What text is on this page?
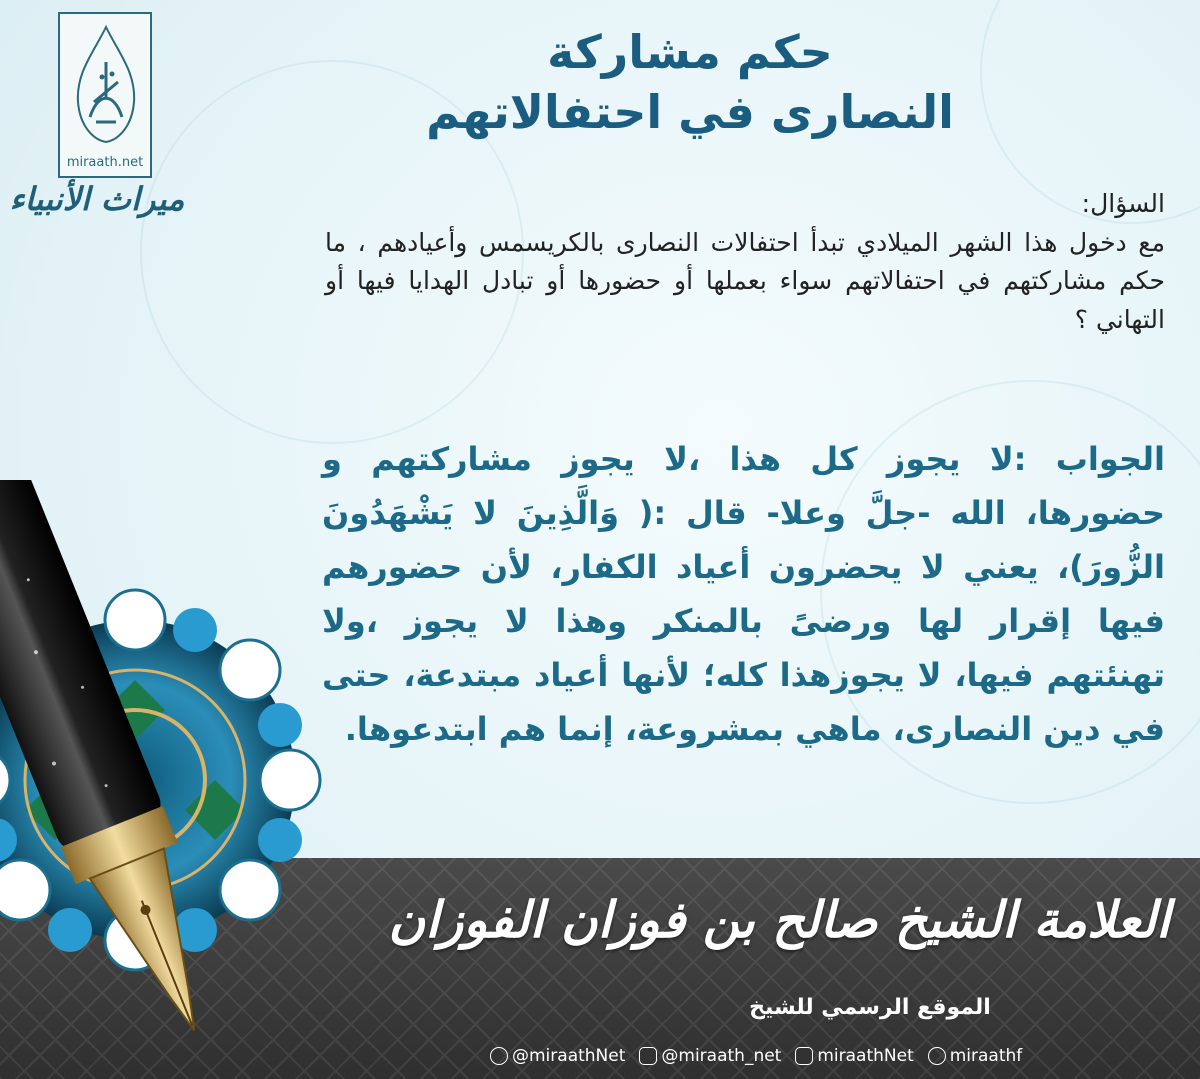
miraath.net
ميراث الأنبياء
حكم مشاركة
النصارى في احتفالاتهم
السؤال:
مع دخول هذا الشهر الميلادي تبدأ احتفالات النصارى بالكريسمس وأعيادهم ، ما حكم مشاركتهم في احتفالاتهم سواء بعملها أو حضورها أو تبادل الهدايا فيها أو التهاني ؟
الجواب :لا يجوز كل هذا ،لا يجوز مشاركتهم و حضورها، الله -جلَّ وعلا- قال :( وَالَّذِينَ لا يَشْهَدُونَ الزُّورَ)، يعني لا يحضرون أعياد الكفار، لأن حضورهم فيها إقرار لها ورضىً بالمنكر وهذا لا يجوز ،ولا تهنئتهم فيها، لا يجوزهذا كله؛ لأنها أعياد مبتدعة، حتى في دين النصارى، ماهي بمشروعة، إنما هم ابتدعوها.
العلامة الشيخ صالح بن فوزان الفوزان
الموقع الرسمي للشيخ
@miraathNet @miraath_net miraathNet miraathf
